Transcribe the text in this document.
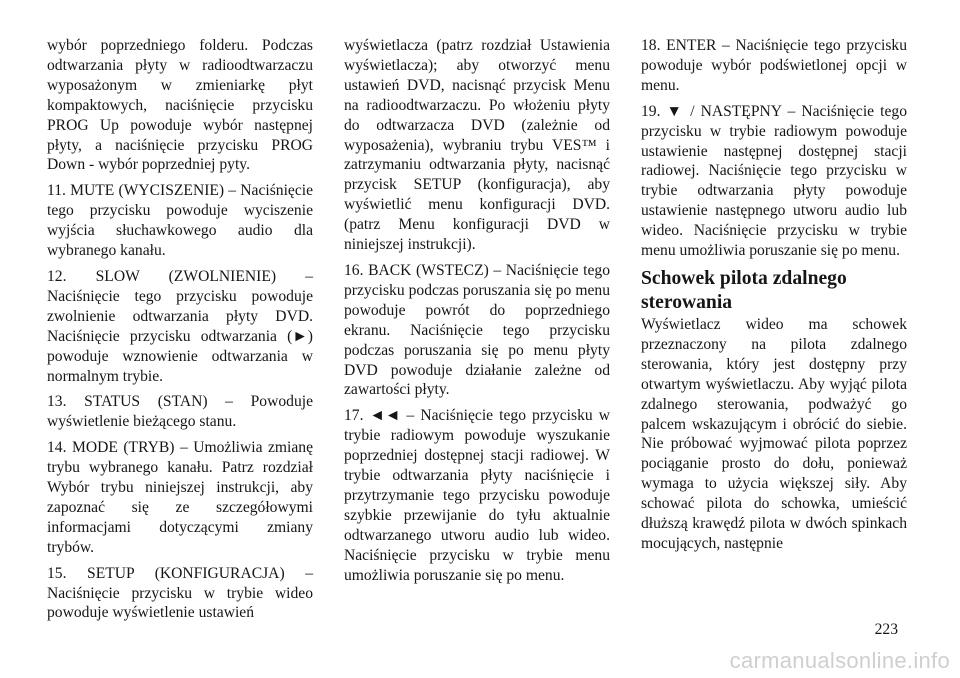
wybór poprzedniego folderu. Podczas odtwarzania płyty w radioodtwarzaczu wyposażonym w zmieniarkę płyt kompaktowych, naciśnięcie przycisku PROG Up powoduje wybór następnej płyty, a naciśnięcie przycisku PROG Down - wybór poprzedniej pyty.

11. MUTE (WYCISZENIE) – Naciśnięcie tego przycisku powoduje wyciszenie wyjścia słuchawkowego audio dla wybranego kanału.

12. SLOW (ZWOLNIENIE) – Naciśnięcie tego przycisku powoduje zwolnienie odtwarzania płyty DVD. Naciśnięcie przycisku odtwarzania (►) powoduje wznowienie odtwarzania w normalnym trybie.

13. STATUS (STAN) – Powoduje wyświetlenie bieżącego stanu.

14. MODE (TRYB) – Umożliwia zmianę trybu wybranego kanału. Patrz rozdział Wybór trybu niniejszej instrukcji, aby zapoznać się ze szczegółowymi informacjami dotyczącymi zmiany trybów.

15. SETUP (KONFIGURACJA) – Naciśnięcie przycisku w trybie wideo powoduje wyświetlenie ustawień

wyświetlacza (patrz rozdział Ustawienia wyświetlacza); aby otworzyć menu ustawień DVD, nacisnąć przycisk Menu na radioodtwarzaczu. Po włożeniu płyty do odtwarzacza DVD (zależnie od wyposażenia), wybraniu trybu VES™ i zatrzymaniu odtwarzania płyty, nacisnąć przycisk SETUP (konfiguracja), aby wyświetlić menu konfiguracji DVD. (patrz Menu konfiguracji DVD w niniejszej instrukcji).

16. BACK (WSTECZ) – Naciśnięcie tego przycisku podczas poruszania się po menu powoduje powrót do poprzedniego ekranu. Naciśnięcie tego przycisku podczas poruszania się po menu płyty DVD powoduje działanie zależne od zawartości płyty.

17. ◄◄ – Naciśnięcie tego przycisku w trybie radiowym powoduje wyszukanie poprzedniej dostępnej stacji radiowej. W trybie odtwarzania płyty naciśnięcie i przytrzymanie tego przycisku powoduje szybkie przewijanie do tyłu aktualnie odtwarzanego utworu audio lub wideo. Naciśnięcie przycisku w trybie menu umożliwia poruszanie się po menu.

18. ENTER – Naciśnięcie tego przycisku powoduje wybór podświetlonej opcji w menu.

19. ▼ / NASTĘPNY – Naciśnięcie tego przycisku w trybie radiowym powoduje ustawienie następnej dostępnej stacji radiowej. Naciśnięcie tego przycisku w trybie odtwarzania płyty powoduje ustawienie następnego utworu audio lub wideo. Naciśnięcie przycisku w trybie menu umożliwia poruszanie się po menu.

Schowek pilota zdalnego sterowania

Wyświetlacz wideo ma schowek przeznaczony na pilota zdalnego sterowania, który jest dostępny przy otwartym wyświetlaczu. Aby wyjąć pilota zdalnego sterowania, podważyć go palcem wskazującym i obrócić do siebie. Nie próbować wyjmować pilota poprzez pociąganie prosto do dołu, ponieważ wymaga to użycia większej siły. Aby schować pilota do schowka, umieścić dłuższą krawędź pilota w dwóch spinkach mocujących, następnie

223
carmanualsonline.info
